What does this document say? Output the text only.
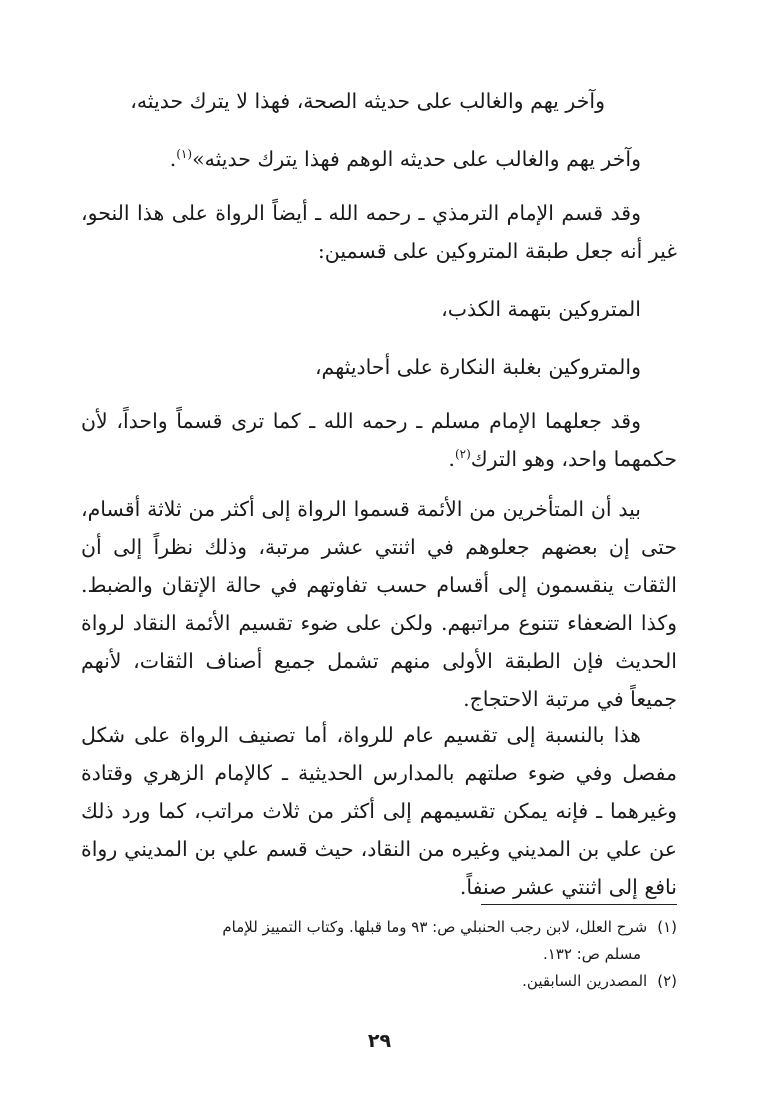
وآخر يهم والغالب على حديثه الصحة، فهذا لا يترك حديثه،
وآخر يهم والغالب على حديثه الوهم فهذا يترك حديثه»$^{(١)}$.
وقد قسم الإمام الترمذي ـ رحمه الله ـ أيضاً الرواة على هذا النحو، غير أنه جعل طبقة المتروكين على قسمين:
المتروكين بتهمة الكذب،
والمتروكين بغلبة النكارة على أحاديثهم،
وقد جعلهما الإمام مسلم ـ رحمه الله ـ كما ترى قسماً واحداً، لأن حكمهما واحد، وهو الترك$^{(٢)}$.
بيد أن المتأخرين من الأئمة قسموا الرواة إلى أكثر من ثلاثة أقسام، حتى إن بعضهم جعلوهم في اثنتي عشر مرتبة، وذلك نظراً إلى أن الثقات ينقسمون إلى أقسام حسب تفاوتهم في حالة الإتقان والضبط. وكذا الضعفاء تتنوع مراتبهم. ولكن على ضوء تقسيم الأئمة النقاد لرواة الحديث فإن الطبقة الأولى منهم تشمل جميع أصناف الثقات، لأنهم جميعاً في مرتبة الاحتجاج.
هذا بالنسبة إلى تقسيم عام للرواة، أما تصنيف الرواة على شكل مفصل وفي ضوء صلتهم بالمدارس الحديثية ـ كالإمام الزهري وقتادة وغيرهما ـ فإنه يمكن تقسيمهم إلى أكثر من ثلاث مراتب، كما ورد ذلك عن علي بن المديني وغيره من النقاد، حيث قسم علي بن المديني رواة نافع إلى اثنتي عشر صنفاً.
(١)شرح العلل، لابن رجب الحنبلي ص: ٩٣ وما قبلها. وكتاب التمييز للإمام
مسلم ص: ١٣٢.
(٢)المصدرين السابقين.
٢٩
